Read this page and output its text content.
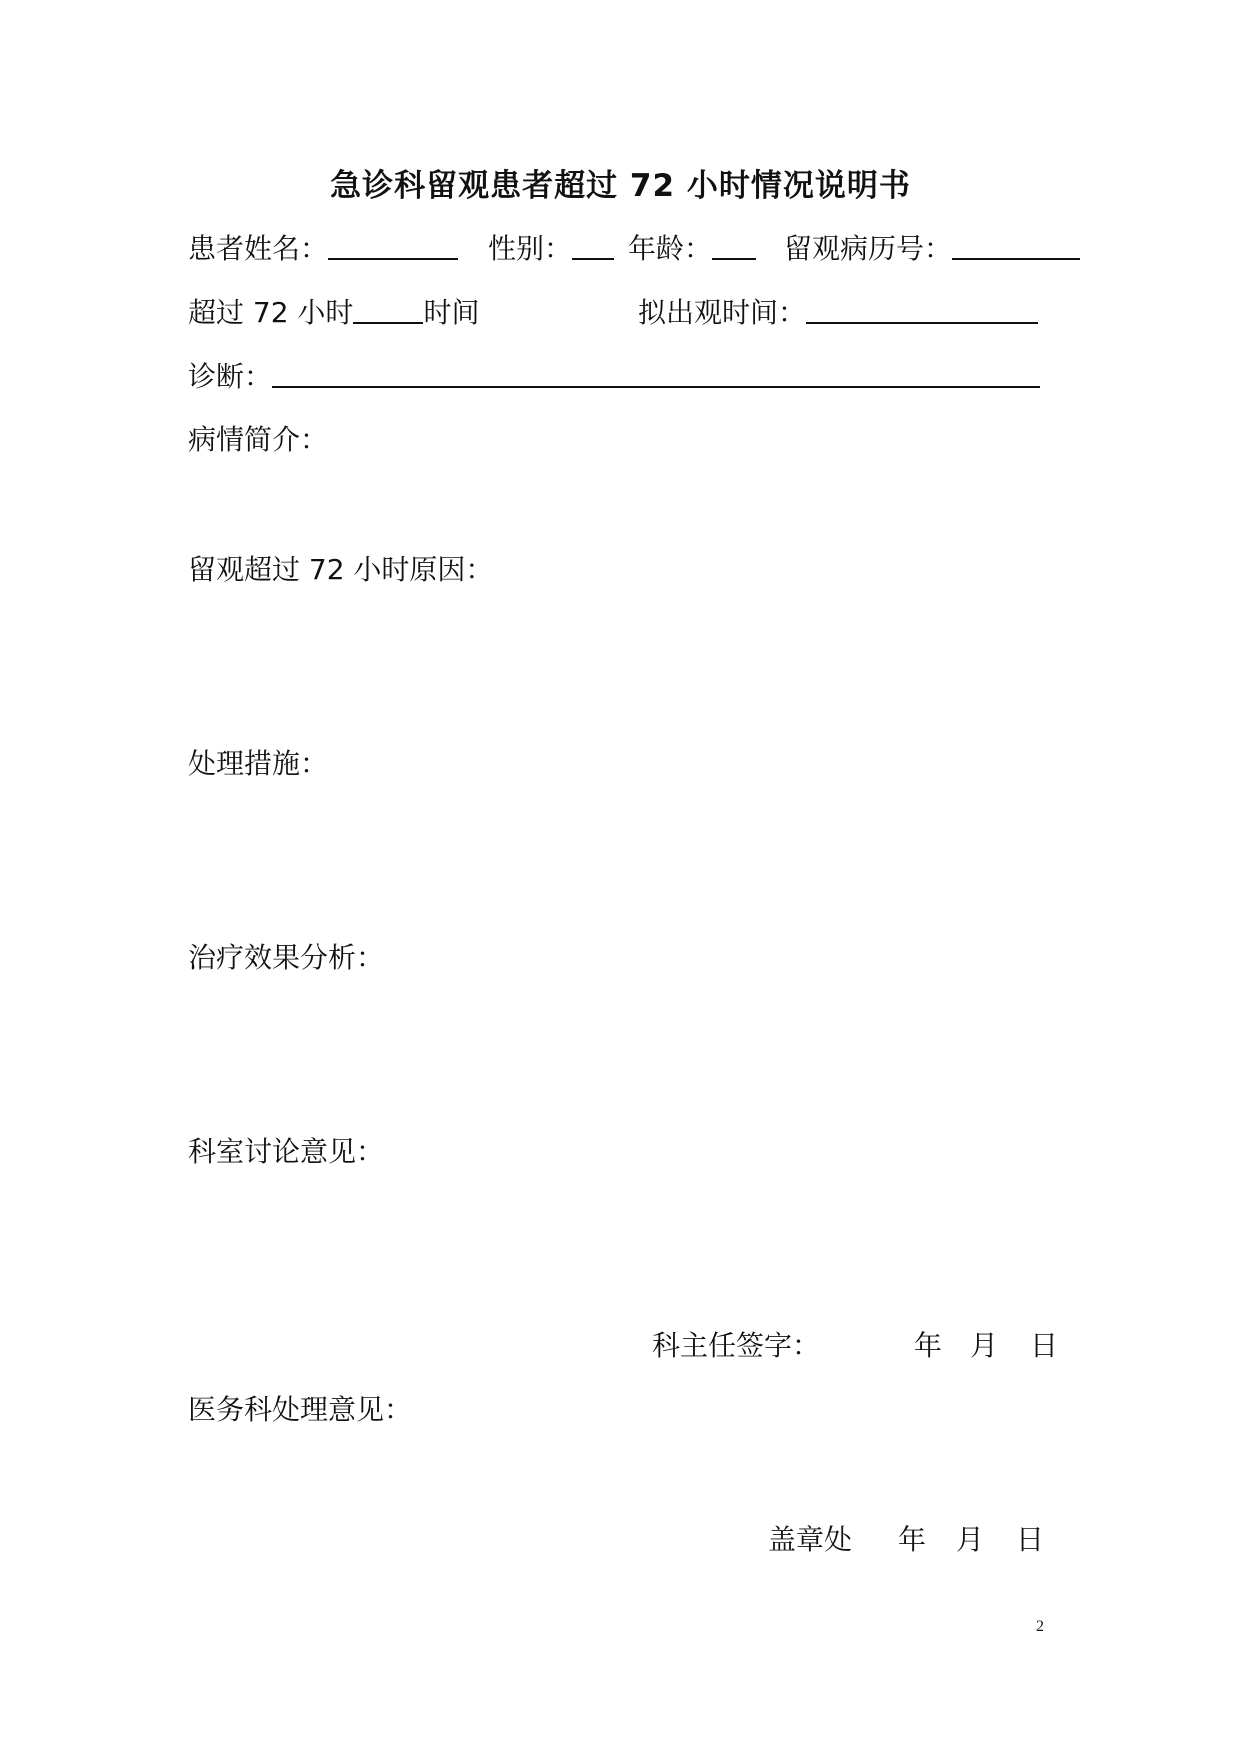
急诊科留观患者超过 72 小时情况说明书
患者姓名：	性别：	年龄：	留观病历号：
超过 72 小时	时间	拟出观时间：
诊断：
病情简介：
留观超过 72 小时原因：
处理措施：
治疗效果分析：
科室讨论意见：
科主任签字：	年 月 日
医务科处理意见：
盖章处 年 月 日
2
